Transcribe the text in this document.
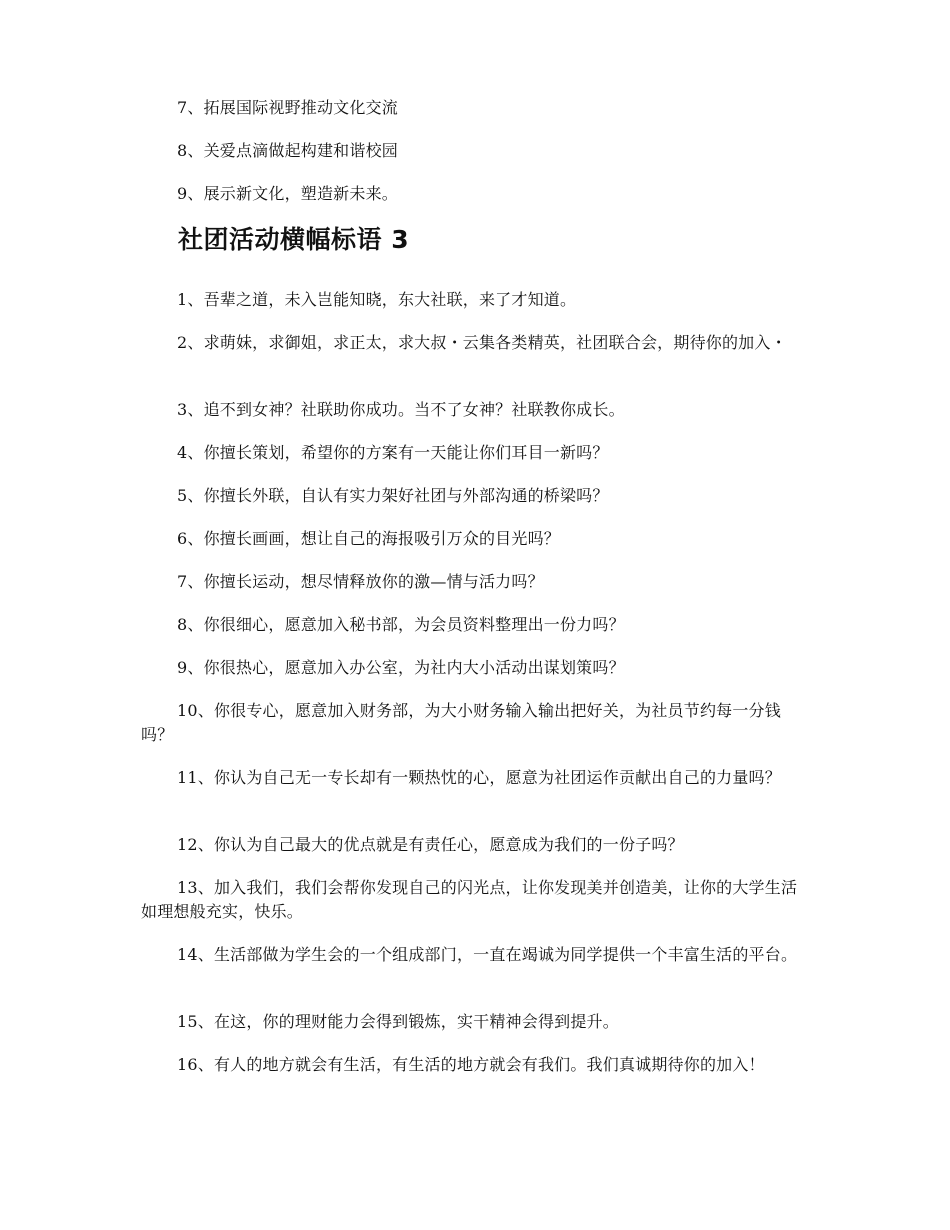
7、拓展国际视野推动文化交流

8、关爱点滴做起构建和谐校园

9、展示新文化，塑造新未来。

社团活动横幅标语 3

1、吾辈之道，未入岂能知晓，东大社联，来了才知道。

2、求萌妹，求御姐，求正太，求大叔・云集各类精英，社团联合会，期待你的加入・

3、追不到女神？社联助你成功。当不了女神？社联教你成长。

4、你擅长策划，希望你的方案有一天能让你们耳目一新吗？

5、你擅长外联，自认有实力架好社团与外部沟通的桥梁吗？

6、你擅长画画，想让自己的海报吸引万众的目光吗？

7、你擅长运动，想尽情释放你的激—情与活力吗？

8、你很细心，愿意加入秘书部，为会员资料整理出一份力吗？

9、你很热心，愿意加入办公室，为社内大小活动出谋划策吗？

10、你很专心，愿意加入财务部，为大小财务输入输出把好关，为社员节约每一分钱吗？

11、你认为自己无一专长却有一颗热忱的心，愿意为社团运作贡献出自己的力量吗？

12、你认为自己最大的优点就是有责任心，愿意成为我们的一份子吗？

13、加入我们，我们会帮你发现自己的闪光点，让你发现美并创造美，让你的大学生活如理想般充实，快乐。

14、生活部做为学生会的一个组成部门，一直在竭诚为同学提供一个丰富生活的平台。

15、在这，你的理财能力会得到锻炼，实干精神会得到提升。

16、有人的地方就会有生活，有生活的地方就会有我们。我们真诚期待你的加入！
